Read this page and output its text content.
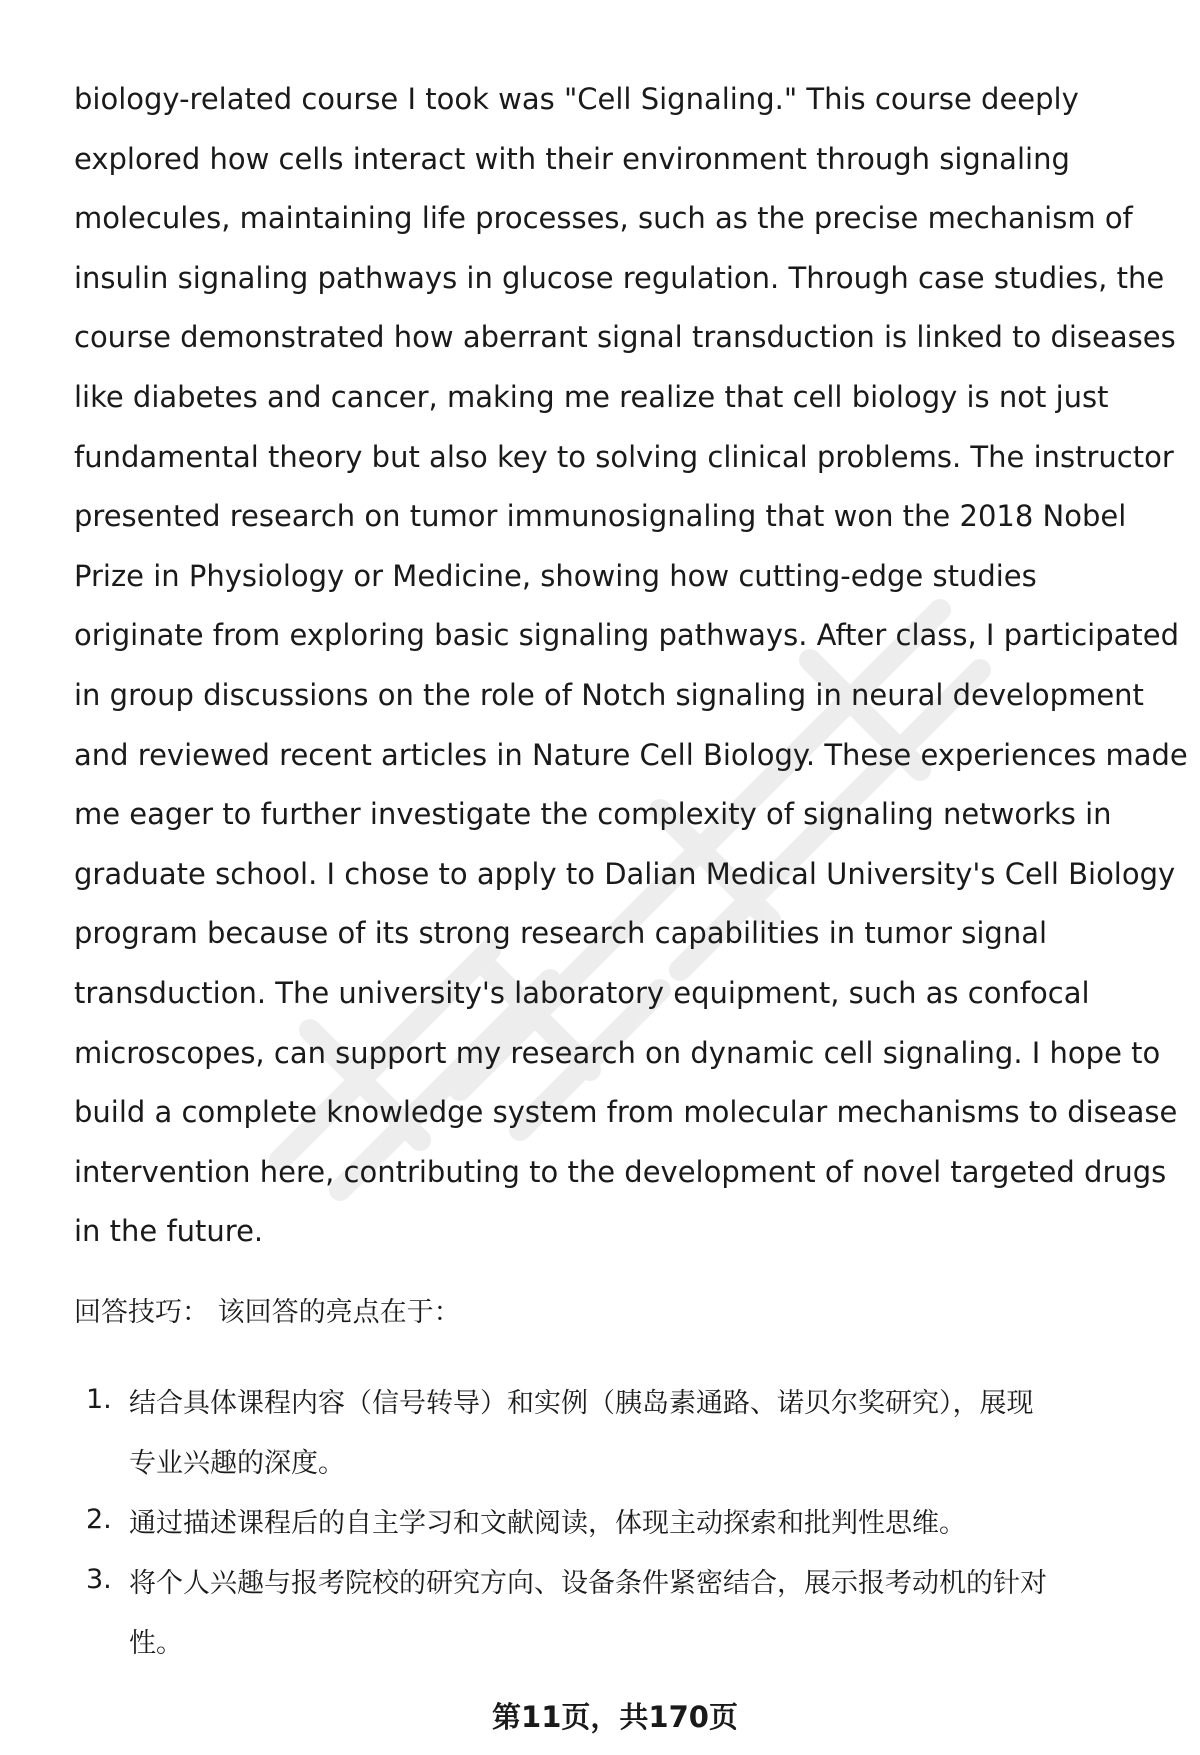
biology-related course I took was "Cell Signaling." This course deeply
explored how cells interact with their environment through signaling
molecules, maintaining life processes, such as the precise mechanism of
insulin signaling pathways in glucose regulation. Through case studies, the
course demonstrated how aberrant signal transduction is linked to diseases
like diabetes and cancer, making me realize that cell biology is not just
fundamental theory but also key to solving clinical problems. The instructor
presented research on tumor immunosignaling that won the 2018 Nobel
Prize in Physiology or Medicine, showing how cutting-edge studies
originate from exploring basic signaling pathways. After class, I participated
in group discussions on the role of Notch signaling in neural development
and reviewed recent articles in Nature Cell Biology. These experiences made
me eager to further investigate the complexity of signaling networks in
graduate school. I chose to apply to Dalian Medical University's Cell Biology
program because of its strong research capabilities in tumor signal
transduction. The university's laboratory equipment, such as confocal
microscopes, can support my research on dynamic cell signaling. I hope to
build a complete knowledge system from molecular mechanisms to disease
intervention here, contributing to the development of novel targeted drugs
in the future.

回答技巧： 该回答的亮点在于：

1. 结合具体课程内容（信号转导）和实例（胰岛素通路、诺贝尔奖研究），展现
专业兴趣的深度。
2. 通过描述课程后的自主学习和文献阅读，体现主动探索和批判性思维。
3. 将个人兴趣与报考院校的研究方向、设备条件紧密结合，展示报考动机的针对
性。
第11页，共170页
